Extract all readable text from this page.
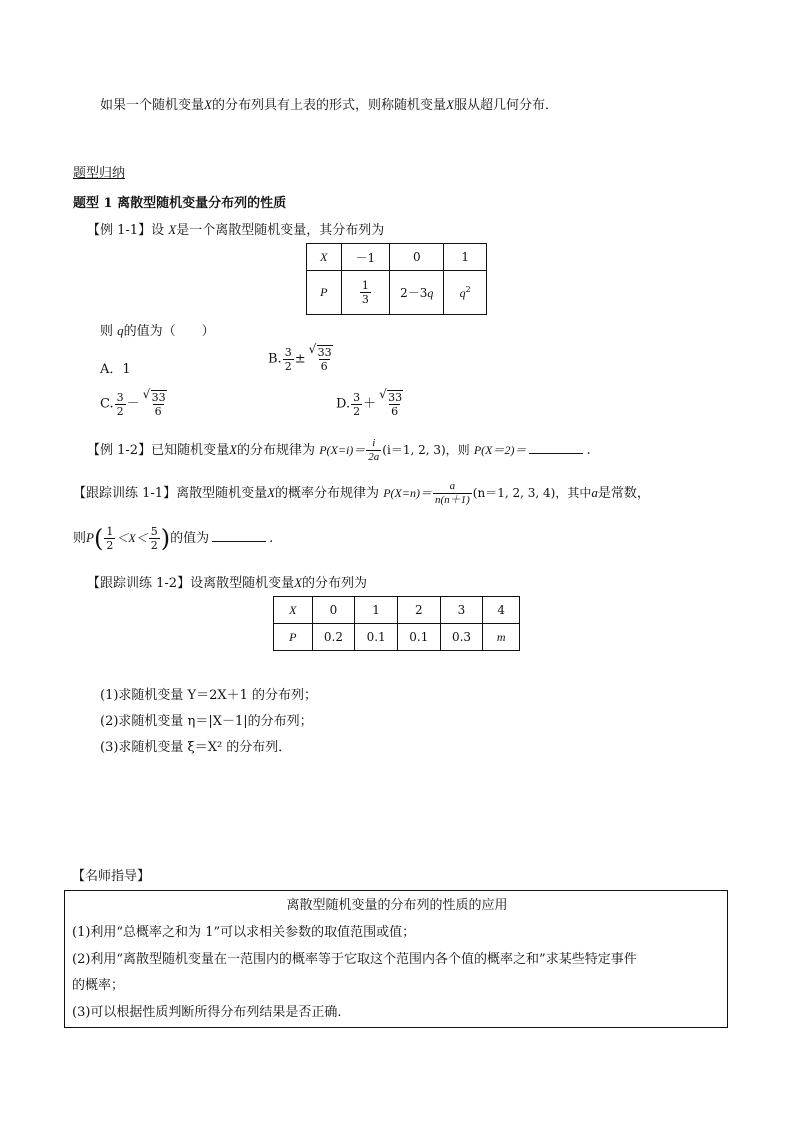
如果一个随机变量X的分布列具有上表的形式，则称随机变量X服从超几何分布．
题型归纳
题型 1 离散型随机变量分布列的性质
【例 1-1】设 X是一个离散型随机变量，其分布列为
X	－1	0	1
P	$\frac{1}{3}$	2－3q	$q^2$
则 q的值为（　　）
A．1
B. $\frac{3}{2}$ ± √ $\frac{33}{6}$
C. $\frac{3}{2}$ － √ $\frac{33}{6}$	D. $\frac{3}{2}$ ＋ √ $\frac{33}{6}$
【例 1-2】已知随机变量X的分布规律为 $P(X=i)= \frac{i}{2a} (i=1$, 2, 3)，则 P(X＝2)＝	.
【跟踪训练 1-1】离散型随机变量X的概率分布规律为 $P(X=n)= \frac{a}{n(n+1)} (n=1$, 2, 3, 4)，其中a是常数，
则$P( \frac{1}{2} <X< \frac{5}{2}$ )的值为	.
【跟踪训练 1-2】设离散型随机变量X的分布列为
X	0	1	2	3	4
P	0.2	0.1	0.1	0.3	m
(1)求随机变量 Y＝2X＋1 的分布列；
(2)求随机变量 η＝|X－1|的分布列；
(3)求随机变量 ξ＝X² 的分布列．
【名师指导】
离散型随机变量的分布列的性质的应用
(1)利用“总概率之和为 1”可以求相关参数的取值范围或值；
(2)利用“离散型随机变量在一范围内的概率等于它取这个范围内各个值的概率之和”求某些特定事件
的概率；
(3)可以根据性质判断所得分布列结果是否正确.
